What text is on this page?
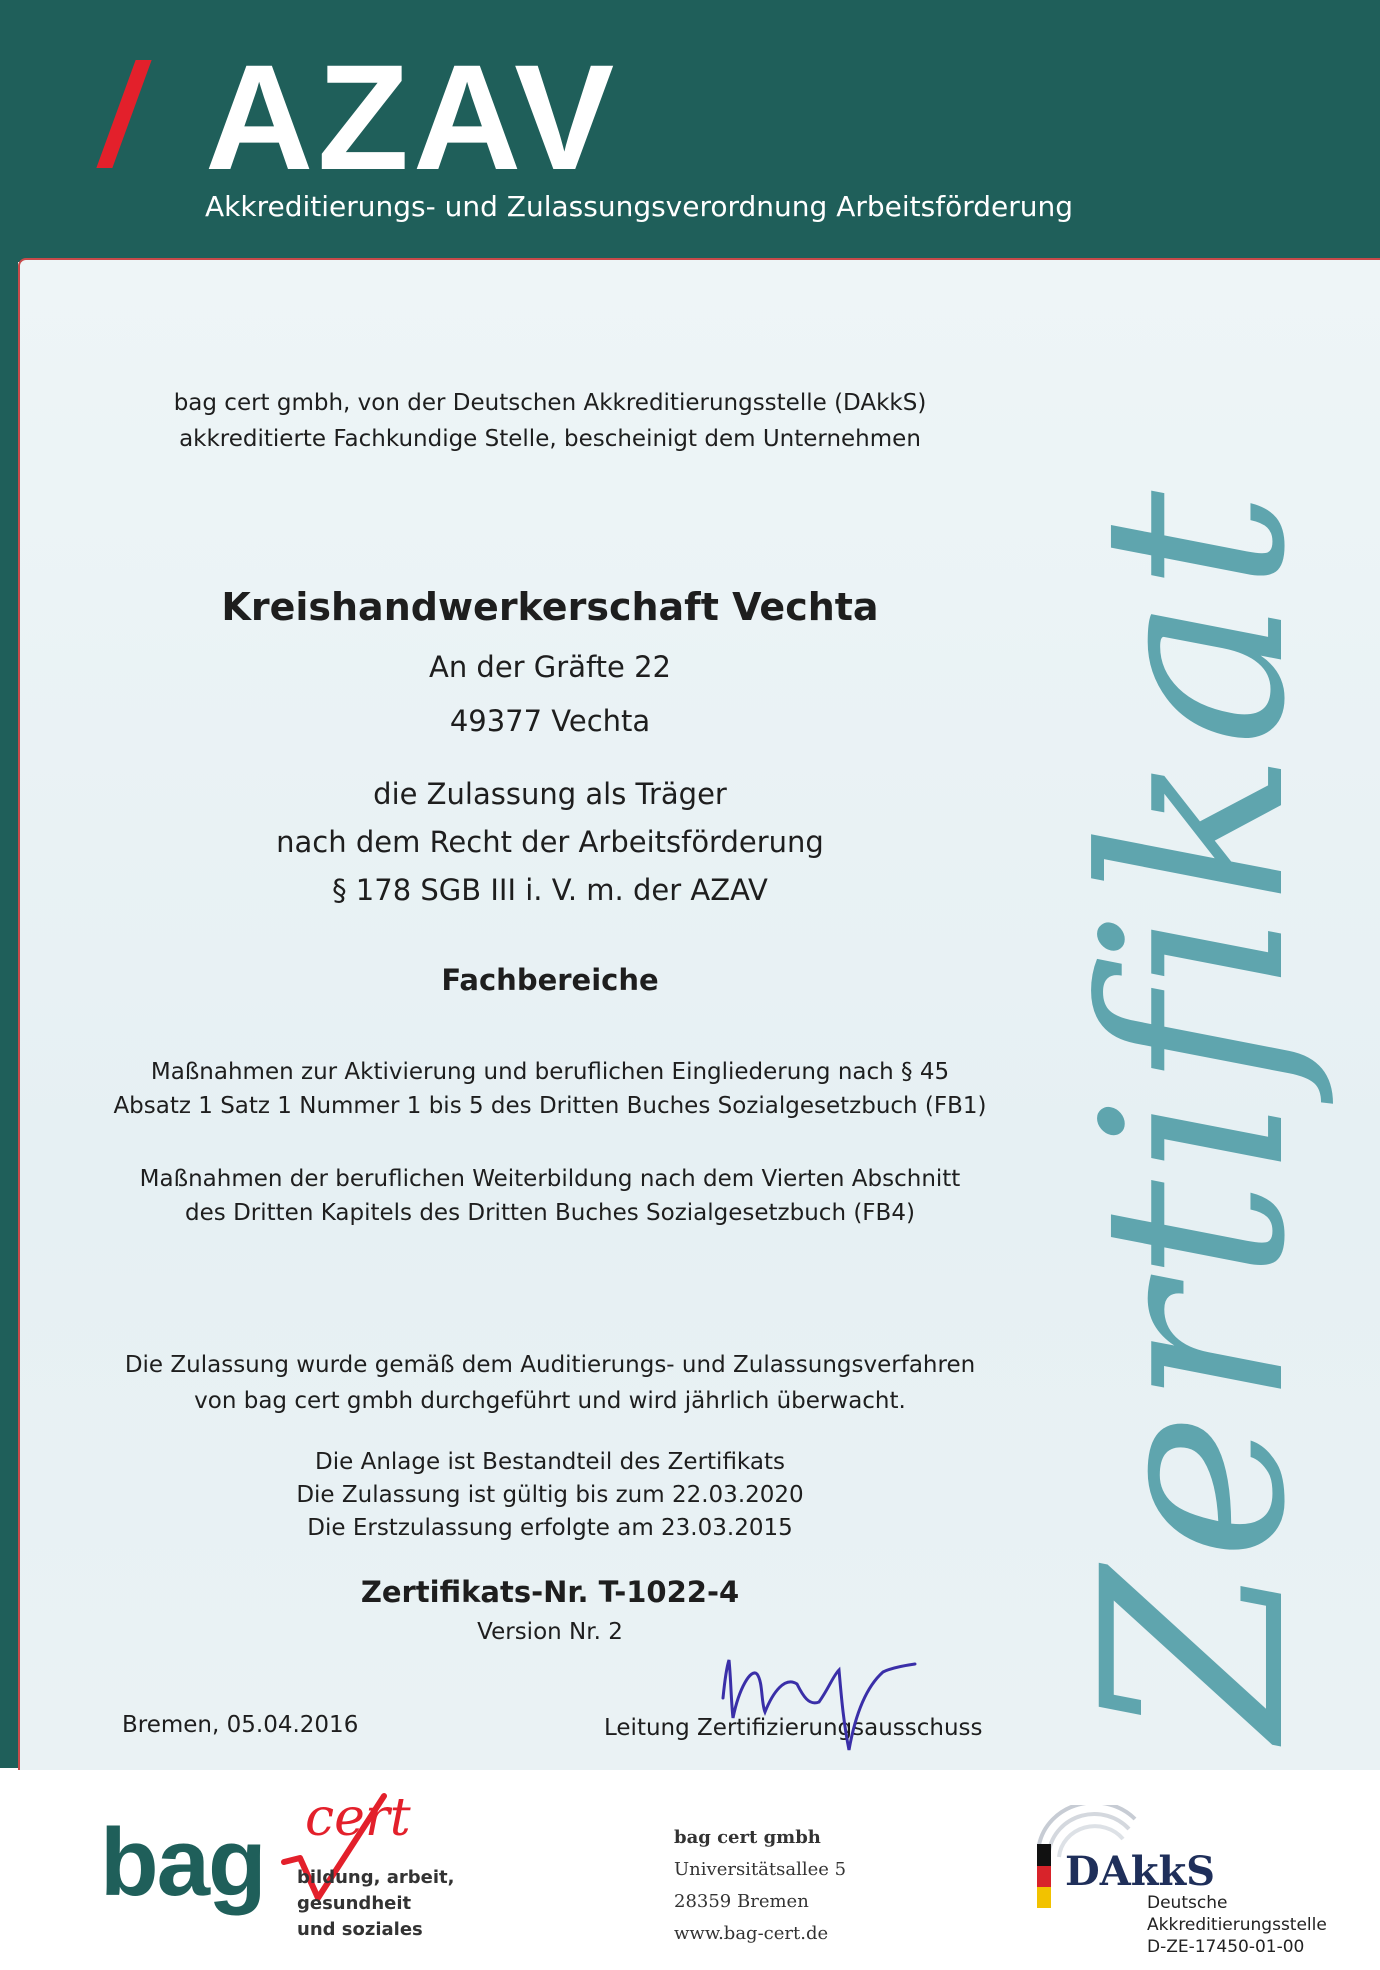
AZAV
Akkreditierungs- und Zulassungsverordnung Arbeitsförderung
Zertifikat
bag cert gmbh, von der Deutschen Akkreditierungsstelle (DAkkS)
akkreditierte Fachkundige Stelle, bescheinigt dem Unternehmen
Kreishandwerkerschaft Vechta
An der Gräfte 22
49377 Vechta
die Zulassung als Träger
nach dem Recht der Arbeitsförderung
§ 178 SGB III i. V. m. der AZAV
Fachbereiche
Maßnahmen zur Aktivierung und beruflichen Eingliederung nach § 45
Absatz 1 Satz 1 Nummer 1 bis 5 des Dritten Buches Sozialgesetzbuch (FB1)
Maßnahmen der beruflichen Weiterbildung nach dem Vierten Abschnitt
des Dritten Kapitels des Dritten Buches Sozialgesetzbuch (FB4)
Die Zulassung wurde gemäß dem Auditierungs- und Zulassungsverfahren
von bag cert gmbh durchgeführt und wird jährlich überwacht.
Die Anlage ist Bestandteil des Zertifikats
Die Zulassung ist gültig bis zum 22.03.2020
Die Erstzulassung erfolgte am 23.03.2015
Zertifikats-Nr. T-1022-4
Version Nr. 2
Bremen, 05.04.2016	Leitung Zertifizierungsausschuss
bag cert
bildung, arbeit, gesundheit
und soziales
bag cert gmbh
Universitätsallee 5
28359 Bremen
www.bag-cert.de
DAkkS
Deutsche
Akkreditierungsstelle
D-ZE-17450-01-00
